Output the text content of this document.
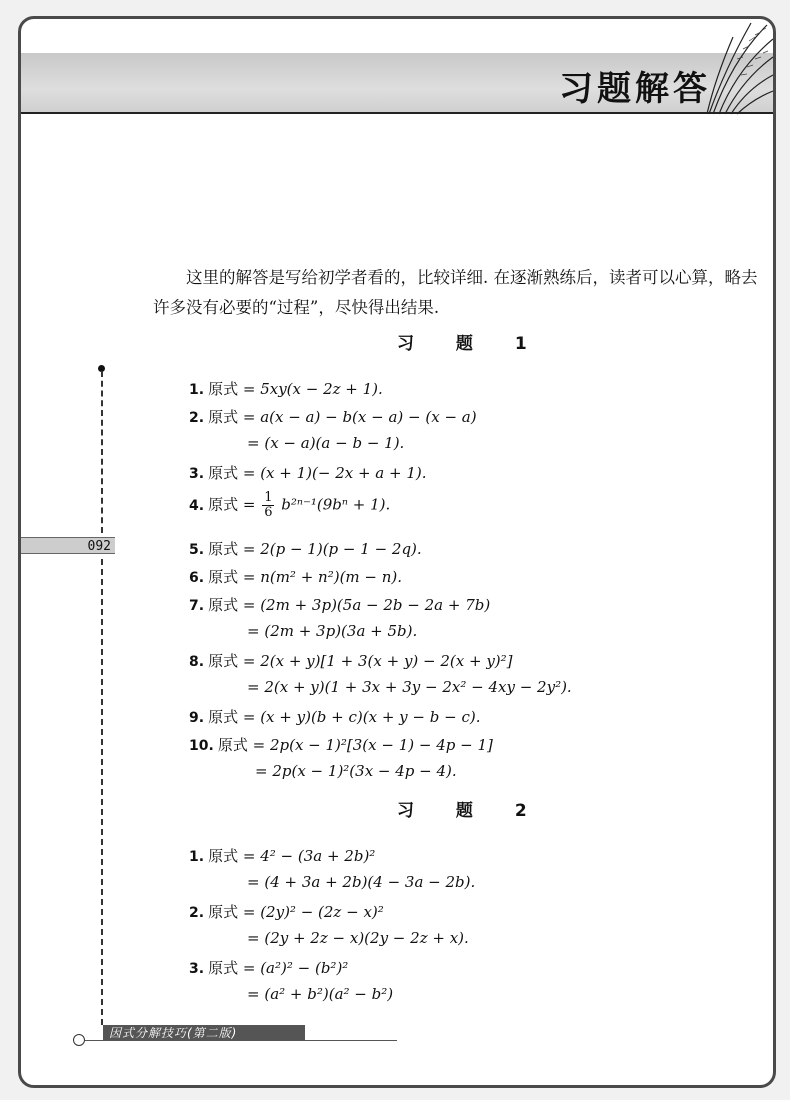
习题解答
这里的解答是写给初学者看的，比较详细. 在逐渐熟练后，读者可以心算，略去许多没有必要的“过程”，尽快得出结果.
习 题 1
092
1. 原式 = 5xy(x − 2z + 1).
2. 原式 = a(x − a) − b(x − a) − (x − a)
= (x − a)(a − b − 1).
3. 原式 = (x + 1)(− 2x + a + 1).
4. 原式 = $\frac{1}{6} b^{2n-1}(9b^n + 1)$.
5. 原式 = 2(p − 1)(p − 1 − 2q).
6. 原式 = n(m² + n²)(m − n).
7. 原式 = (2m + 3p)(5a − 2b − 2a + 7b)
= (2m + 3p)(3a + 5b).
8. 原式 = 2(x + y)[1 + 3(x + y) − 2(x + y)²]
= 2(x + y)(1 + 3x + 3y − 2x² − 4xy − 2y²).
9. 原式 = (x + y)(b + c)(x + y − b − c).
10. 原式 = 2p(x − 1)²[3(x − 1) − 4p − 1]
= 2p(x − 1)²(3x − 4p − 4).
习 题 2
1. 原式 = 4² − (3a + 2b)²
= (4 + 3a + 2b)(4 − 3a − 2b).
2. 原式 = (2y)² − (2z − x)²
= (2y + 2z − x)(2y − 2z + x).
3. 原式 = (a²)² − (b²)²
= (a² + b²)(a² − b²)
因式分解技巧(第二版)
